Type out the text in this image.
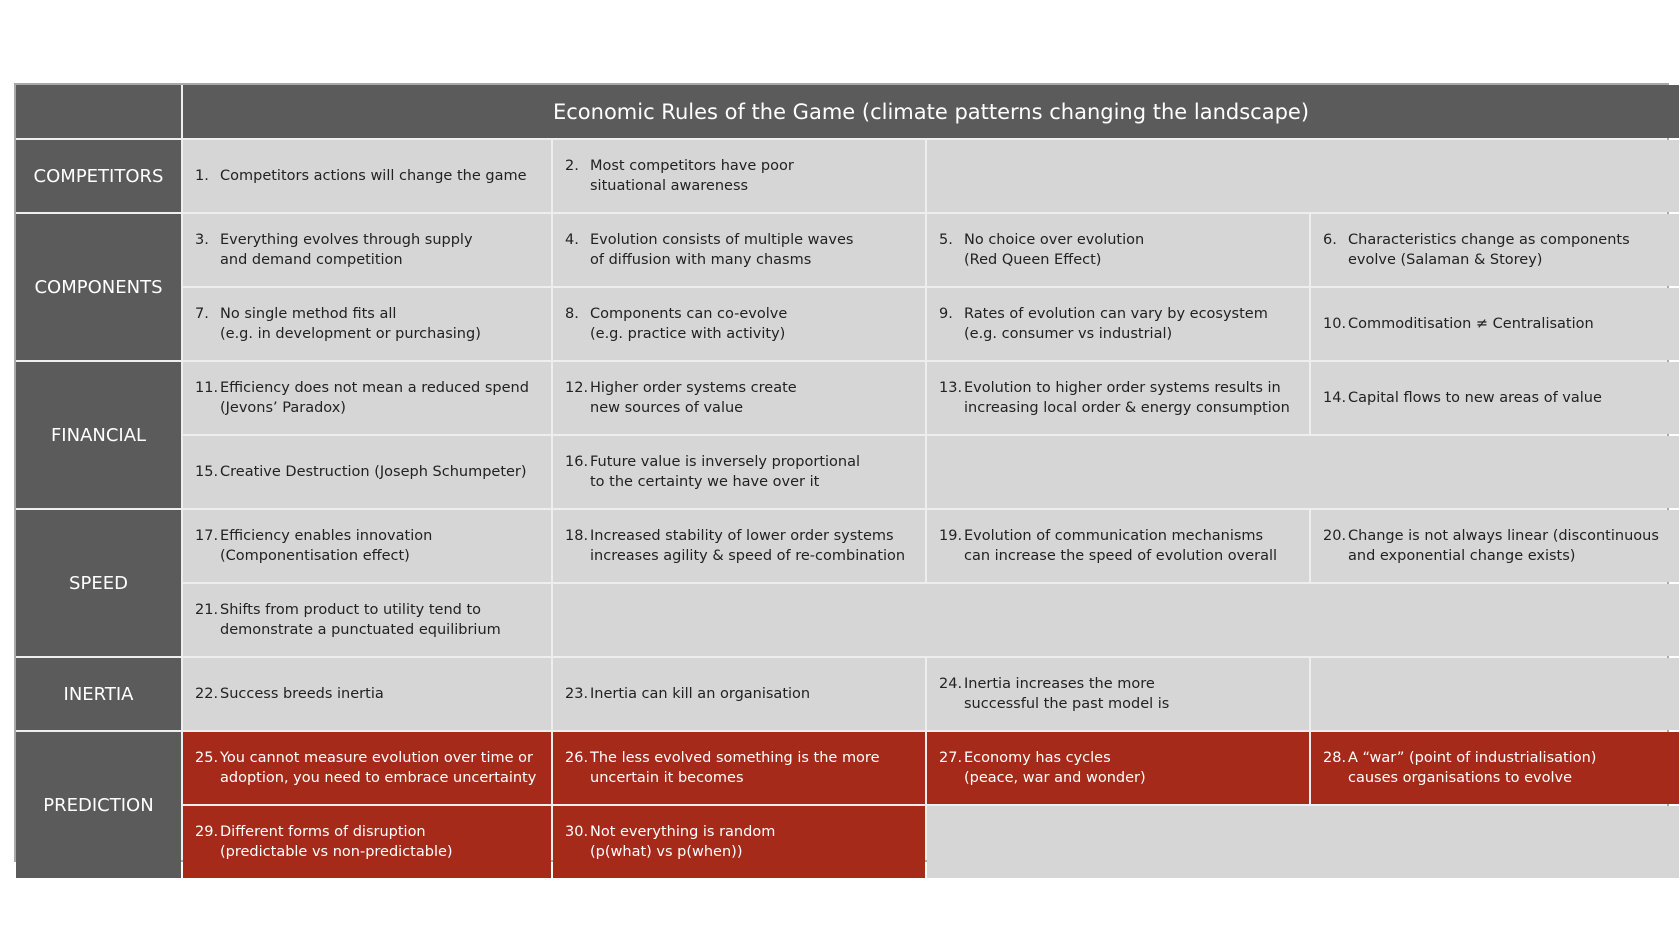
Economic Rules of the Game (climate patterns changing the landscape)
COMPETITORS
COMPONENTS
FINANCIAL
SPEED
INERTIA
PREDICTION
1. Competitors actions will change the game
2. Most competitors have poor
situational awareness
3. Everything evolves through supply
and demand competition
4. Evolution consists of multiple waves
of diffusion with many chasms
5. No choice over evolution
(Red Queen Effect)
6. Characteristics change as components
evolve (Salaman & Storey)
7. No single method fits all
(e.g. in development or purchasing)
8. Components can co-evolve
(e.g. practice with activity)
9. Rates of evolution can vary by ecosystem
(e.g. consumer vs industrial)
10. Commoditisation ≠ Centralisation
11. Efficiency does not mean a reduced spend
(Jevons’ Paradox)
12. Higher order systems create
new sources of value
13. Evolution to higher order systems results in
increasing local order & energy consumption
14. Capital flows to new areas of value
15. Creative Destruction (Joseph Schumpeter)
16. Future value is inversely proportional
to the certainty we have over it
17. Efficiency enables innovation
(Componentisation effect)
18. Increased stability of lower order systems
increases agility & speed of re-combination
19. Evolution of communication mechanisms
can increase the speed of evolution overall
20. Change is not always linear (discontinuous
and exponential change exists)
21. Shifts from product to utility tend to
demonstrate a punctuated equilibrium
22. Success breeds inertia	23. Inertia can kill an organisation
24. Inertia increases the more
successful the past model is
25. You cannot measure evolution over time or
adoption, you need to embrace uncertainty
26. The less evolved something is the more
uncertain it becomes
27. Economy has cycles
(peace, war and wonder)
28. A “war” (point of industrialisation)
causes organisations to evolve
29. Different forms of disruption
(predictable vs non-predictable)
30. Not everything is random
(p(what) vs p(when))
